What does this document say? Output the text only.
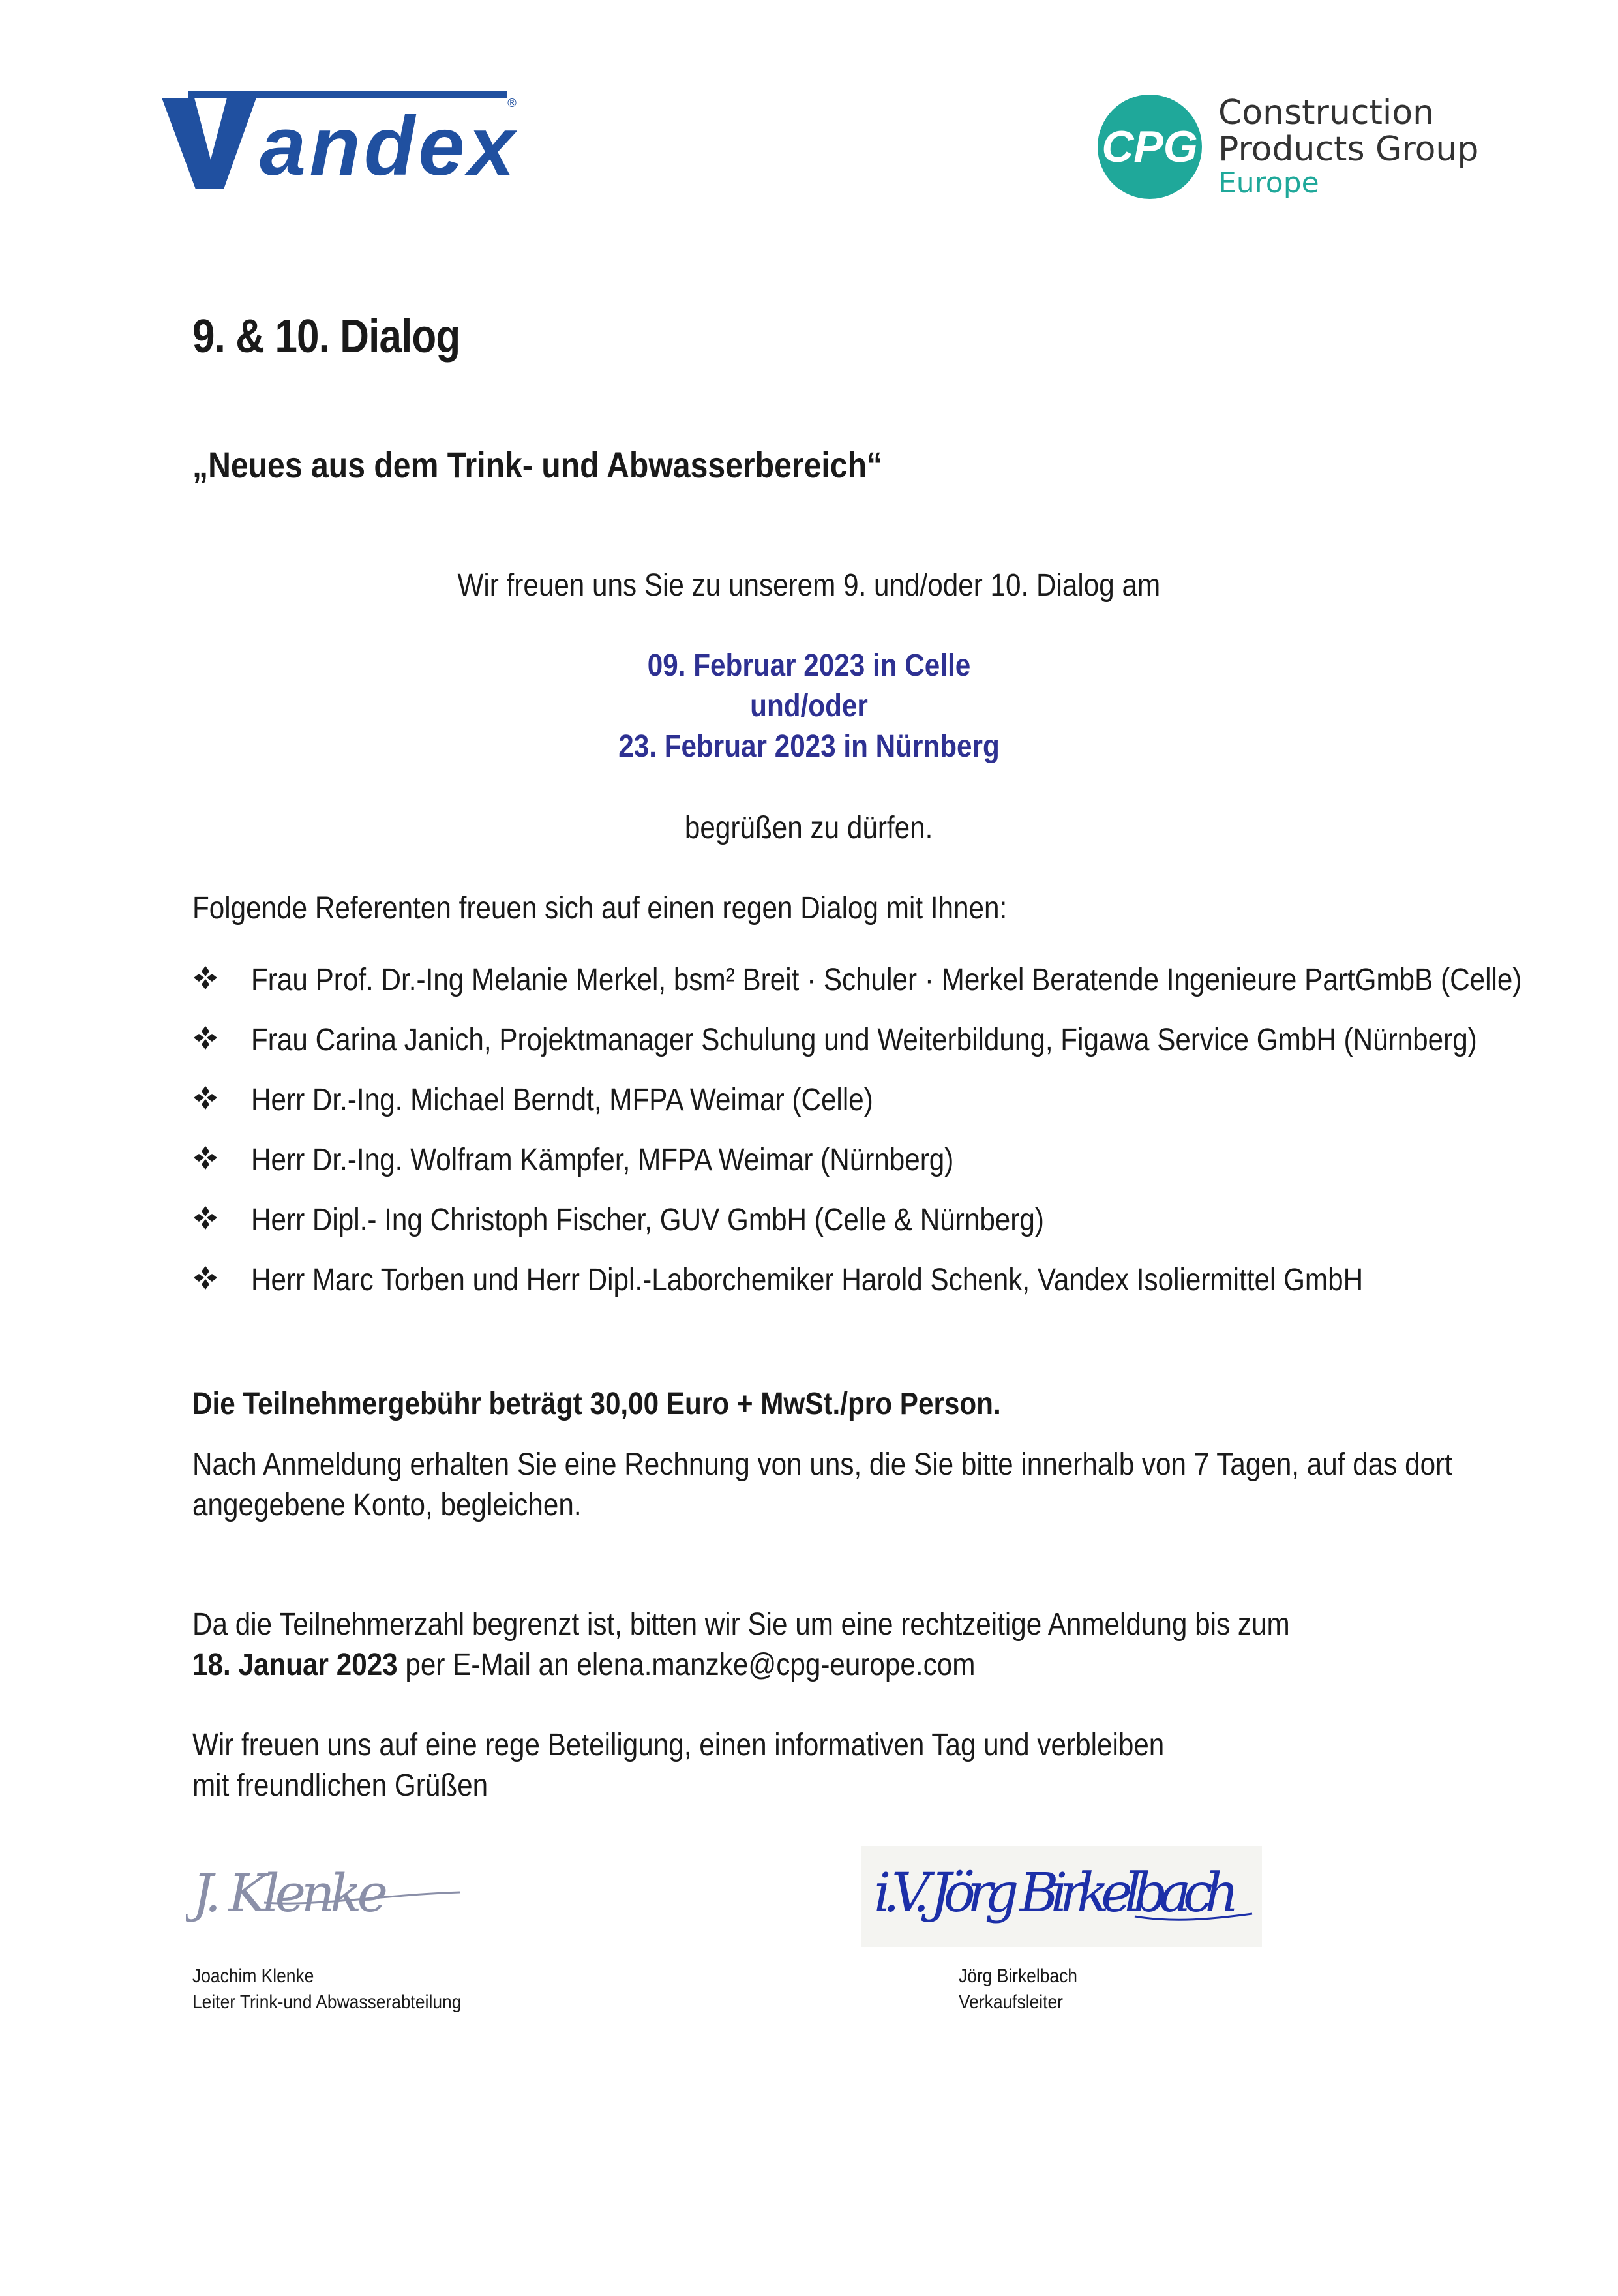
andex
®
CPG
Construction
Products Group
Europe
9. & 10. Dialog
„Neues aus dem Trink- und Abwasserbereich“
Wir freuen uns Sie zu unserem 9. und/oder 10. Dialog am
09. Februar 2023 in Celle
und/oder
23. Februar 2023 in Nürnberg
begrüßen zu dürfen.
Folgende Referenten freuen sich auf einen regen Dialog mit Ihnen:
Frau Prof. Dr.-Ing Melanie Merkel, bsm² Breit · Schuler · Merkel Beratende Ingenieure PartGmbB (Celle)
Frau Carina Janich, Projektmanager Schulung und Weiterbildung, Figawa Service GmbH (Nürnberg)
Herr Dr.-Ing. Michael Berndt, MFPA Weimar (Celle)
Herr Dr.-Ing. Wolfram Kämpfer, MFPA Weimar (Nürnberg)
Herr Dipl.- Ing Christoph Fischer, GUV GmbH (Celle & Nürnberg)
Herr Marc Torben und Herr Dipl.-Laborchemiker Harold Schenk, Vandex Isoliermittel GmbH
Die Teilnehmergebühr beträgt 30,00 Euro + MwSt./pro Person.
Nach Anmeldung erhalten Sie eine Rechnung von uns, die Sie bitte innerhalb von 7 Tagen, auf das dort
angegebene Konto, begleichen.
Da die Teilnehmerzahl begrenzt ist, bitten wir Sie um eine rechtzeitige Anmeldung bis zum
18. Januar 2023 per E-Mail an elena.manzke@cpg-europe.com
Wir freuen uns auf eine rege Beteiligung, einen informativen Tag und verbleiben
mit freundlichen Grüßen
J. Klenke	i.V. Jörg Birkelbach
Joachim Klenke
Leiter Trink-und Abwasserabteilung
Jörg Birkelbach
Verkaufsleiter
